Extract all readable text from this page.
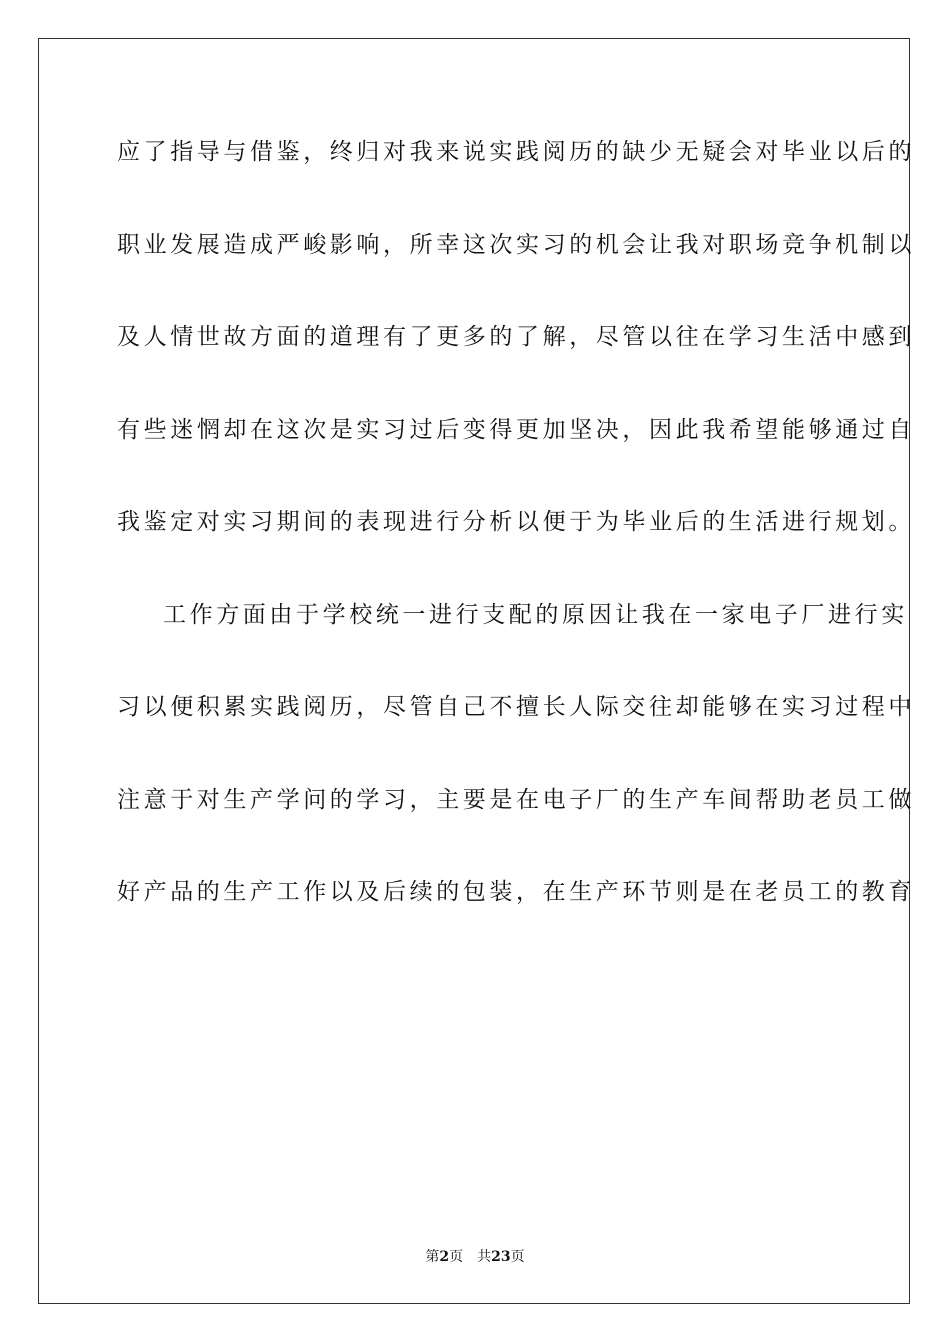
应了指导与借鉴，终归对我来说实践阅历的缺少无疑会对毕业以后的
职业发展造成严峻影响，所幸这次实习的机会让我对职场竞争机制以
及人情世故方面的道理有了更多的了解，尽管以往在学习生活中感到
有些迷惘却在这次是实习过后变得更加坚决，因此我希望能够通过自
我鉴定对实习期间的表现进行分析以便于为毕业后的生活进行规划。
工作方面由于学校统一进行支配的原因让我在一家电子厂进行实
习以便积累实践阅历，尽管自己不擅长人际交往却能够在实习过程中
注意于对生产学问的学习，主要是在电子厂的生产车间帮助老员工做
好产品的生产工作以及后续的包装，在生产环节则是在老员工的教育
第2页 共23页
